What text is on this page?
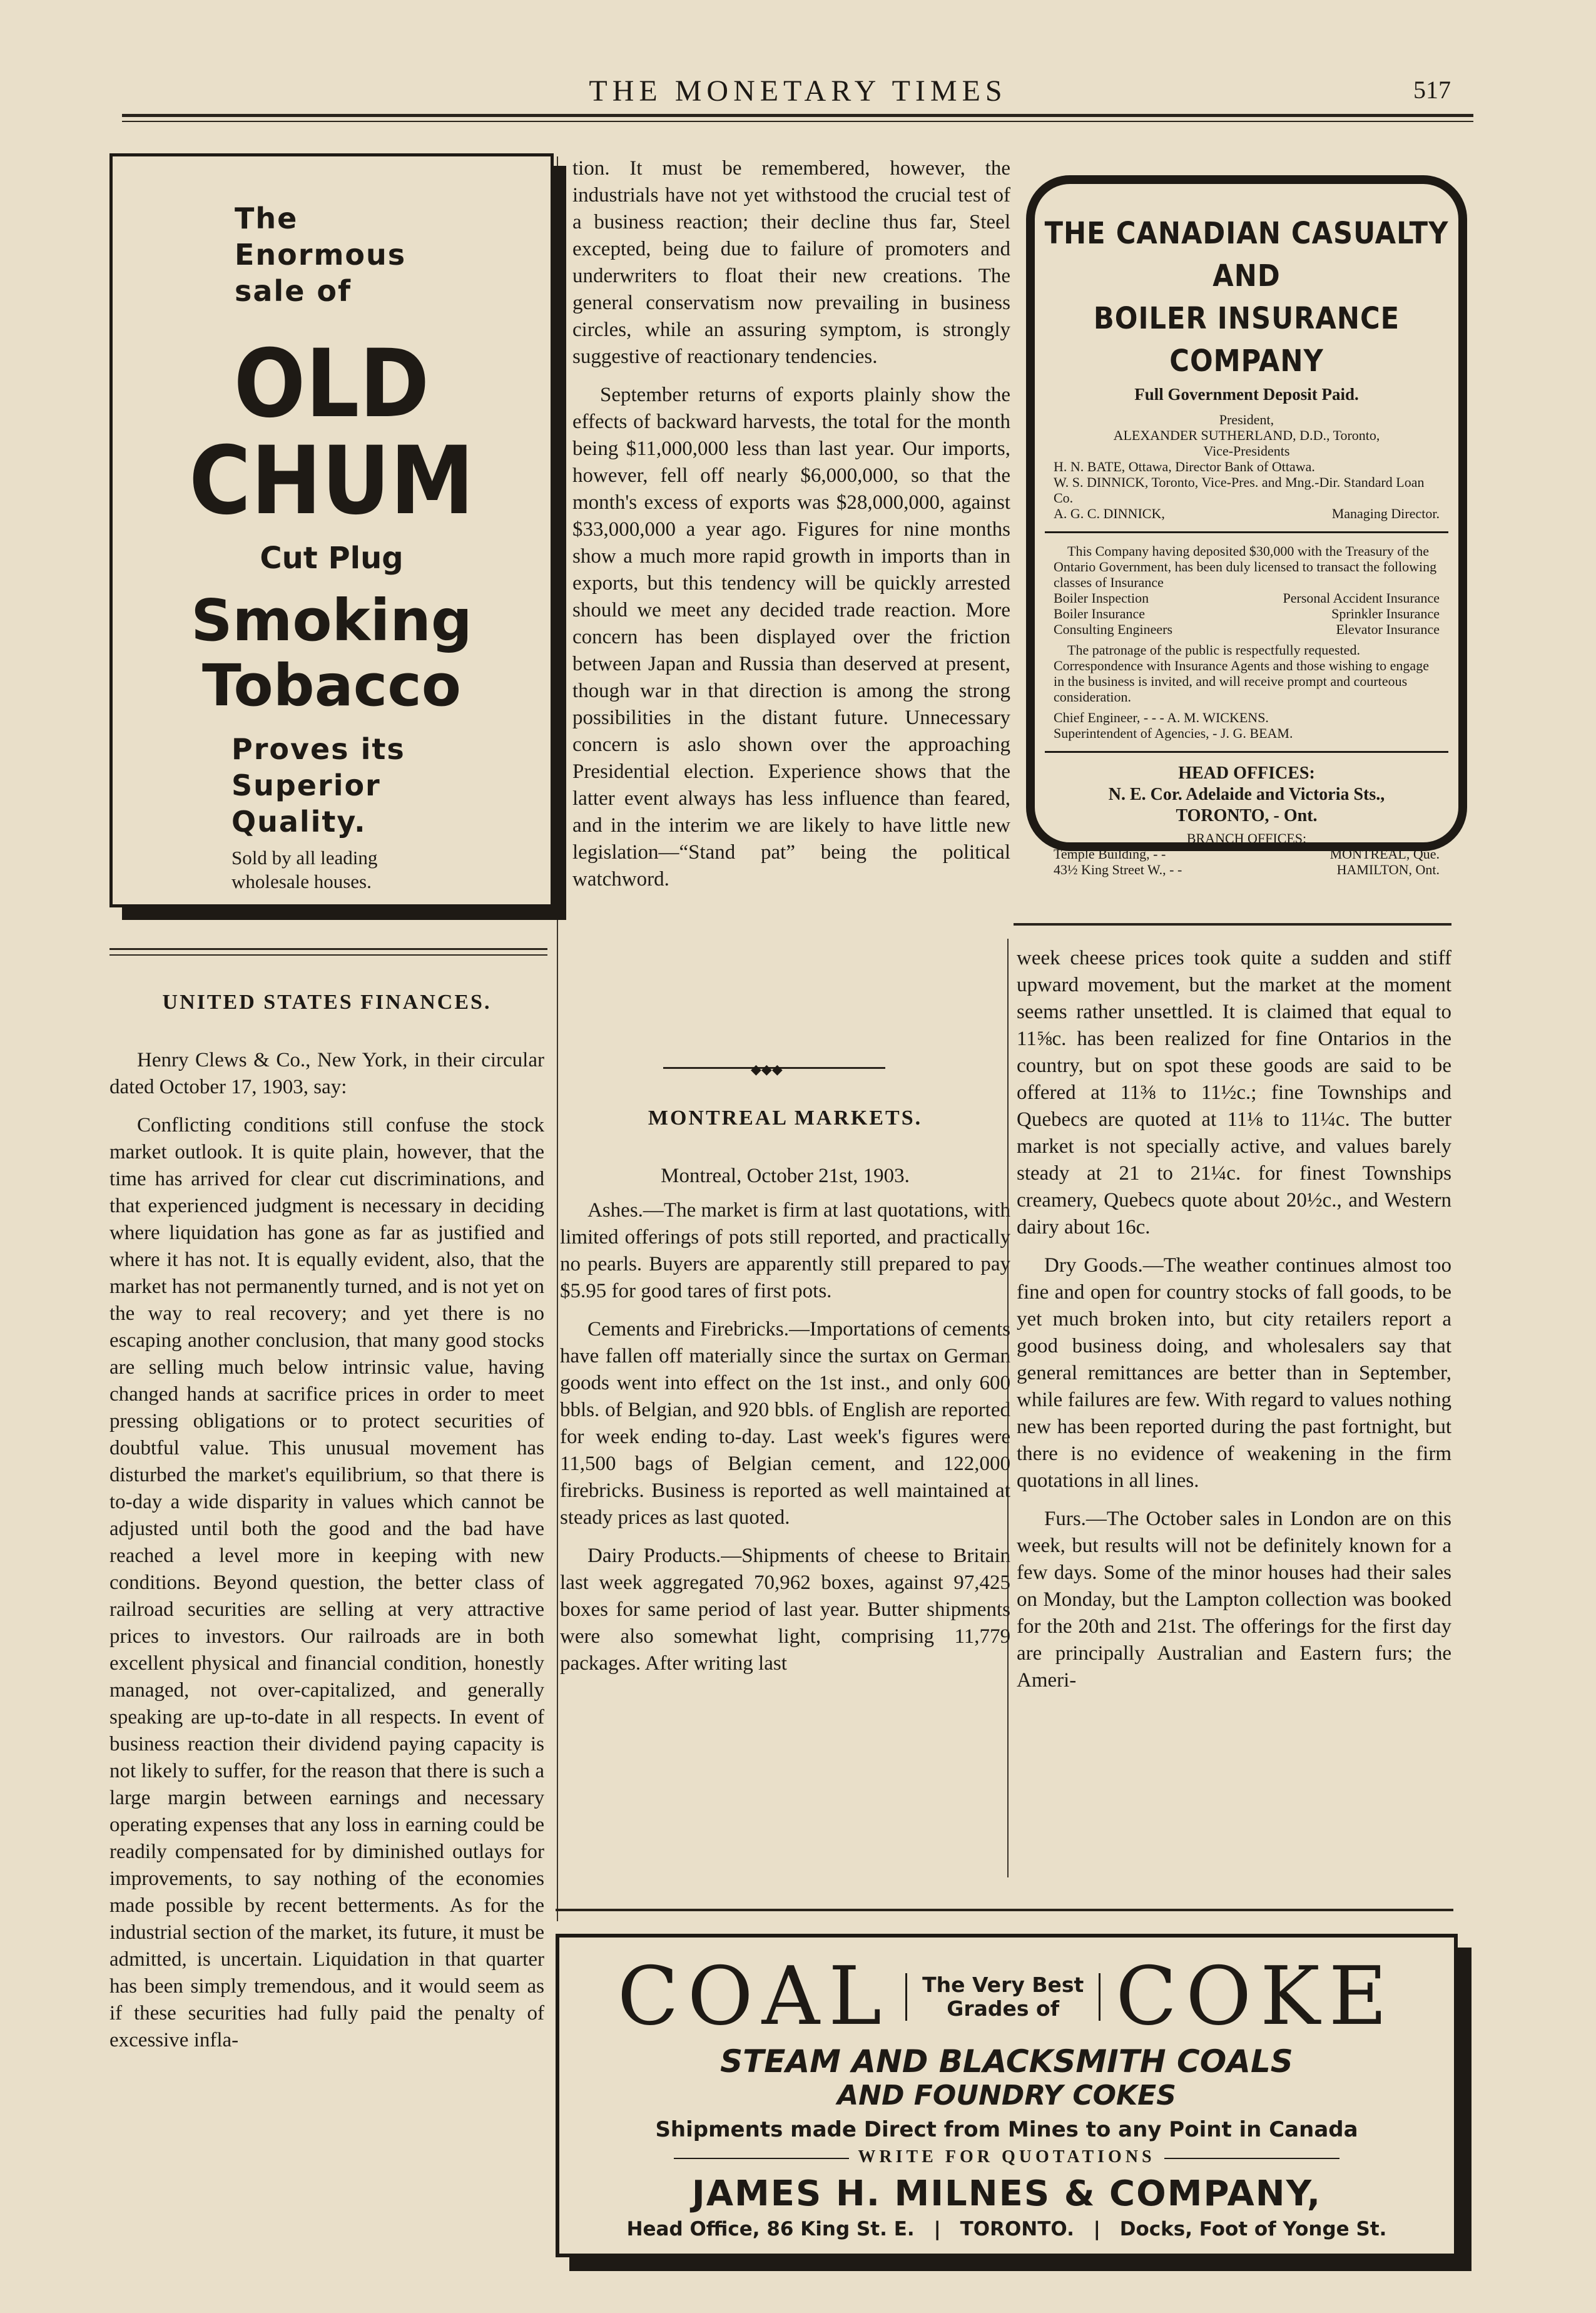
THE MONETARY TIMES	517
The
Enormous
sale of
OLD
CHUM
Cut Plug
Smoking
Tobacco
Proves its
Superior
Quality.
Sold by all leading
wholesale houses.
UNITED STATES FINANCES.

Henry Clews & Co., New York, in their circular dated October 17, 1903, say:

Conflicting conditions still confuse the stock market outlook. It is quite plain, however, that the time has arrived for clear cut discriminations, and that experienced judgment is necessary in deciding where liquidation has gone as far as justified and where it has not. It is equally evident, also, that the market has not permanently turned, and is not yet on the way to real recovery; and yet there is no escaping another conclusion, that many good stocks are selling much below intrinsic value, having changed hands at sacrifice prices in order to meet pressing obligations or to protect securities of doubtful value. This unusual movement has disturbed the market's equilibrium, so that there is to-day a wide disparity in values which cannot be adjusted until both the good and the bad have reached a level more in keeping with new conditions. Beyond question, the better class of railroad securities are selling at very attractive prices to investors. Our railroads are in both excellent physical and financial condition, honestly managed, not over-capitalized, and generally speaking are up-to-date in all respects. In event of business reaction their dividend paying capacity is not likely to suffer, for the reason that there is such a large margin between earnings and necessary operating expenses that any loss in earning could be readily compensated for by diminished outlays for improvements, to say nothing of the economies made possible by recent betterments. As for the industrial section of the market, its future, it must be admitted, is uncertain. Liquidation in that quarter has been simply tremendous, and it would seem as if these securities had fully paid the penalty of excessive infla-

tion. It must be remembered, however, the industrials have not yet withstood the crucial test of a business reaction; their decline thus far, Steel excepted, being due to failure of promoters and underwriters to float their new creations. The general conservatism now prevailing in business circles, while an assuring symptom, is strongly suggestive of reactionary tendencies.

September returns of exports plainly show the effects of backward harvests, the total for the month being $11,000,000 less than last year. Our imports, however, fell off nearly $6,000,000, so that the month's excess of exports was $28,000,000, against $33,000,000 a year ago. Figures for nine months show a much more rapid growth in imports than in exports, but this tendency will be quickly arrested should we meet any decided trade reaction. More concern has been displayed over the friction between Japan and Russia than deserved at present, though war in that direction is among the strong possibilities in the distant future. Unnecessary concern is aslo shown over the approaching Presidential election. Experience shows that the latter event always has less influence than feared, and in the interim we are likely to have little new legislation—“Stand pat” being the political watchword.

◆◆◆
MONTREAL MARKETS.
Montreal, October 21st, 1903.

Ashes.—The market is firm at last quotations, with limited offerings of pots still reported, and practically no pearls. Buyers are apparently still prepared to pay $5.95 for good tares of first pots.

Cements and Firebricks.—Importations of cements have fallen off materially since the surtax on German goods went into effect on the 1st inst., and only 600 bbls. of Belgian, and 920 bbls. of English are reported for week ending to-day. Last week's figures were 11,500 bags of Belgian cement, and 122,000 firebricks. Business is reported as well maintained at steady prices as last quoted.

Dairy Products.—Shipments of cheese to Britain last week aggregated 70,962 boxes, against 97,425 boxes for same period of last year. Butter shipments were also somewhat light, comprising 11,779 packages. After writing last

THE CANADIAN CASUALTY AND
BOILER INSURANCE COMPANY
Full Government Deposit Paid.
President,
ALEXANDER SUTHERLAND, D.D., Toronto,
Vice-Presidents
H. N. BATE, Ottawa, Director Bank of Ottawa.
W. S. DINNICK, Toronto, Vice-Pres. and Mng.-Dir. Standard Loan Co.
A. G. C. DINNICK,	Managing Director.
This Company having deposited $30,000 with the Treasury of the Ontario Government, has been duly licensed to transact the following classes of Insurance
Boiler Inspection	Personal Accident Insurance
Boiler Insurance	Sprinkler Insurance
Consulting Engineers	Elevator Insurance
The patronage of the public is respectfully requested. Correspondence with Insurance Agents and those wishing to engage in the business is invited, and will receive prompt and courteous consideration.
Chief Engineer, - - - A. M. WICKENS.
Superintendent of Agencies, - J. G. BEAM.
HEAD OFFICES:
N. E. Cor. Adelaide and Victoria Sts.,
TORONTO, - Ont.
BRANCH OFFICES:
Temple Building, - -	MONTREAL, Que.
43½ King Street W., - -	HAMILTON, Ont.

week cheese prices took quite a sudden and stiff upward movement, but the market at the moment seems rather unsettled. It is claimed that equal to 11⅝c. has been realized for fine Ontarios in the country, but on spot these goods are said to be offered at 11⅜ to 11½c.; fine Townships and Quebecs are quoted at 11⅛ to 11¼c. The butter market is not specially active, and values barely steady at 21 to 21¼c. for finest Townships creamery, Quebecs quote about 20½c., and Western dairy about 16c.

Dry Goods.—The weather continues almost too fine and open for country stocks of fall goods, to be yet much broken into, but city retailers report a good business doing, and wholesalers say that general remittances are better than in September, while failures are few. With regard to values nothing new has been reported during the past fortnight, but there is no evidence of weakening in the firm quotations in all lines.

Furs.—The October sales in London are on this week, but results will not be definitely known for a few days. Some of the minor houses had their sales on Monday, but the Lampton collection was booked for the 20th and 21st. The offerings for the first day are principally Australian and Eastern furs; the Ameri-

COAL	The Very Best
Grades of COKE
STEAM AND BLACKSMITH COALS
AND FOUNDRY COKES
Shipments made Direct from Mines to any Point in Canada
WRITE FOR QUOTATIONS
JAMES H. MILNES & COMPANY,
Head Office, 86 King St. E. | TORONTO. | Docks, Foot of Yonge St.
